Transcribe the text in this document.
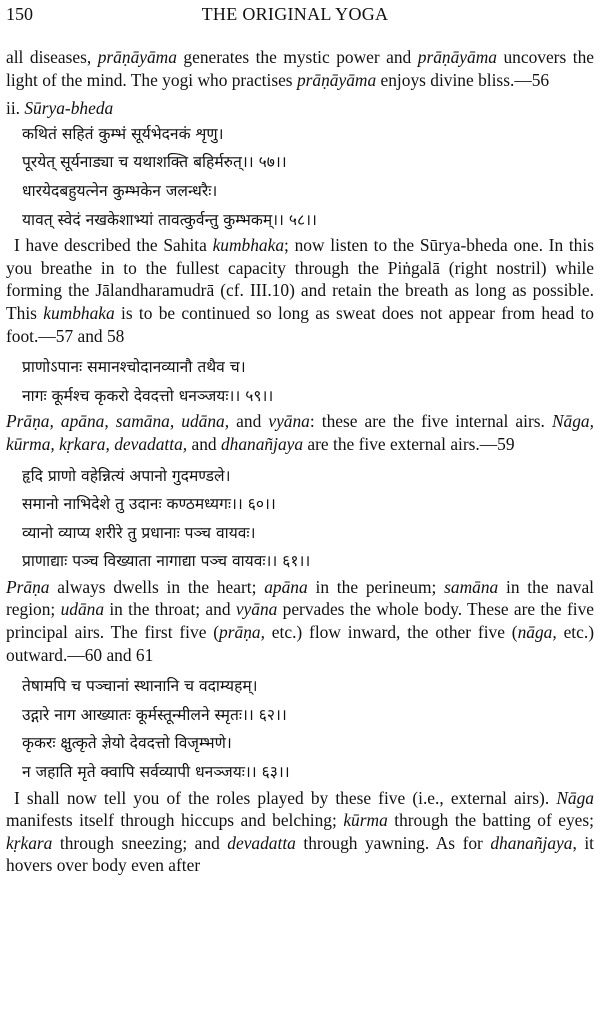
150	THE ORIGINAL YOGA

all diseases, prāṇāyāma generates the mystic power and prāṇāyāma uncovers the light of the mind. The yogi who practises prāṇāyāma enjoys divine bliss.—56

ii. Sūrya-bheda
कथितं सहितं कुम्भं सूर्यभेदनकं शृणु।
पूरयेत् सूर्यनाड्या च यथाशक्ति बहिर्मरुत्।। ५७।।
धारयेदबहुयत्नेन कुम्भकेन जलन्धरैः।
यावत् स्वेदं नखकेशाभ्यां तावत्कुर्वन्तु कुम्भकम्।। ५८।।

I have described the Sahita kumbhaka; now listen to the Sūrya-bheda one. In this you breathe in to the fullest capacity through the Piṅgalā (right nostril) while forming the Jālandharamudrā (cf. III.10) and retain the breath as long as possible. This kumbhaka is to be continued so long as sweat does not appear from head to foot.—57 and 58

प्राणोऽपानः समानश्चोदानव्यानौ तथैव च।
नागः कूर्मश्च कृकरो देवदत्तो धनञ्जयः।। ५९।।

Prāṇa, apāna, samāna, udāna, and vyāna: these are the five internal airs. Nāga, kūrma, kṛkara, devadatta, and dhanañjaya are the five external airs.—59

हृदि प्राणो वहेन्नित्यं अपानो गुदमण्डले।
समानो नाभिदेशे तु उदानः कण्ठमध्यगः।। ६०।।
व्यानो व्याप्य शरीरे तु प्रधानाः पञ्च वायवः।
प्राणाद्याः पञ्च विख्याता नागाद्या पञ्च वायवः।। ६१।।

Prāṇa always dwells in the heart; apāna in the perineum; samāna in the naval region; udāna in the throat; and vyāna pervades the whole body. These are the five principal airs. The first five (prāṇa, etc.) flow inward, the other five (nāga, etc.) outward.—60 and 61

तेषामपि च पञ्चानां स्थानानि च वदाम्यहम्।
उद्गारे नाग आख्यातः कूर्मस्तून्मीलने स्मृतः।। ६२।।
कृकरः क्षुत्कृते ज्ञेयो देवदत्तो विजृम्भणे।
न जहाति मृते क्वापि सर्वव्यापी धनञ्जयः।। ६३।।

I shall now tell you of the roles played by these five (i.e., external airs). Nāga manifests itself through hiccups and belching; kūrma through the batting of eyes; kṛkara through sneezing; and devadatta through yawning. As for dhanañjaya, it hovers over body even after
